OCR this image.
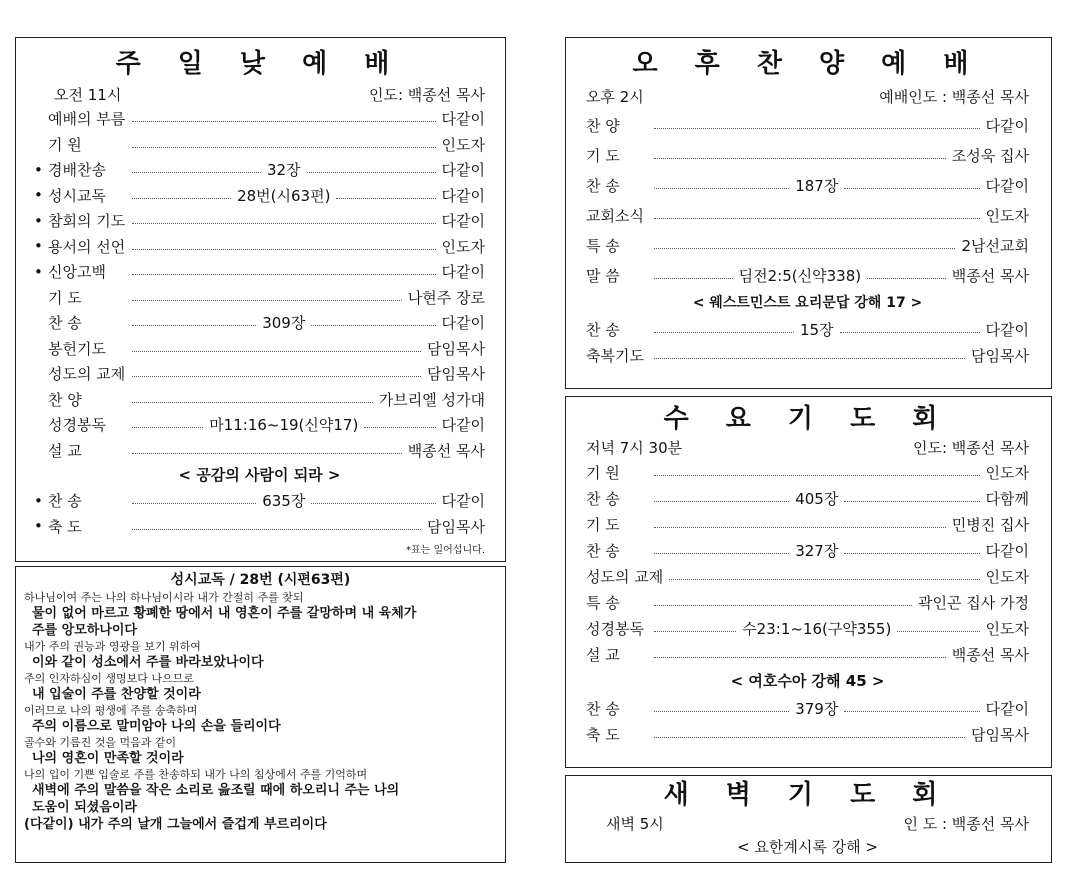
주 일 낮 예 배
오전 11시	인도: 백종선 목사
예배의 부름	다같이
기 원	인도자
• 경배찬송	32장	다같이
• 성시교독	28번(시63편)	다같이
• 참회의 기도	다같이
• 용서의 선언	인도자
• 신앙고백	다같이
기 도	나현주 장로
찬 송	309장	다같이
봉헌기도	담임목사
성도의 교제	담임목사
찬 양	가브리엘 성가대
성경봉독	마11:16~19(신약17)	다같이
설 교	백종선 목사
< 공감의 사람이 되라 >
• 찬 송	635장	다같이
• 축 도	담임목사
*표는 일어섭니다.
성시교독 / 28번 (시편63편)
하나님이여 주는 나의 하나님이시라 내가 간절히 주를 찾되
물이 없어 마르고 황폐한 땅에서 내 영혼이 주를 갈망하며 내 육체가
주를 앙모하나이다
내가 주의 권능과 영광을 보기 위하여
이와 같이 성소에서 주를 바라보았나이다
주의 인자하심이 생명보다 나으므로
내 입술이 주를 찬양할 것이라
이러므로 나의 평생에 주를 송축하며
주의 이름으로 말미암아 나의 손을 들리이다
골수와 기름진 것을 먹음과 같이
나의 영혼이 만족할 것이라
나의 입이 기쁜 입술로 주를 찬송하되 내가 나의 침상에서 주를 기억하며
새벽에 주의 말씀을 작은 소리로 읊조릴 때에 하오리니 주는 나의
도움이 되셨음이라
(다같이) 내가 주의 날개 그늘에서 즐겁게 부르리이다
오 후 찬 양 예 배
오후 2시	예배인도 : 백종선 목사
찬 양	다같이
기 도	조성욱 집사
찬 송	187장	다같이
교회소식	인도자
특 송	2남선교회
말 씀	딤전2:5(신약338)	백종선 목사
< 웨스트민스트 요리문답 강해 17 >
찬 송	15장	다같이
축복기도	담임목사
수 요 기 도 회
저녁 7시 30분	인도: 백종선 목사
기 원	인도자
찬 송	405장	다함께
기 도	민병진 집사
찬 송	327장	다같이
성도의 교제	인도자
특 송	곽인곤 집사 가정
성경봉독	수23:1~16(구약355)	인도자
설 교	백종선 목사
< 여호수아 강해 45 >
찬 송	379장	다같이
축 도	담임목사
새 벽 기 도 회
새벽 5시	인 도 : 백종선 목사
< 요한계시록 강해 >
